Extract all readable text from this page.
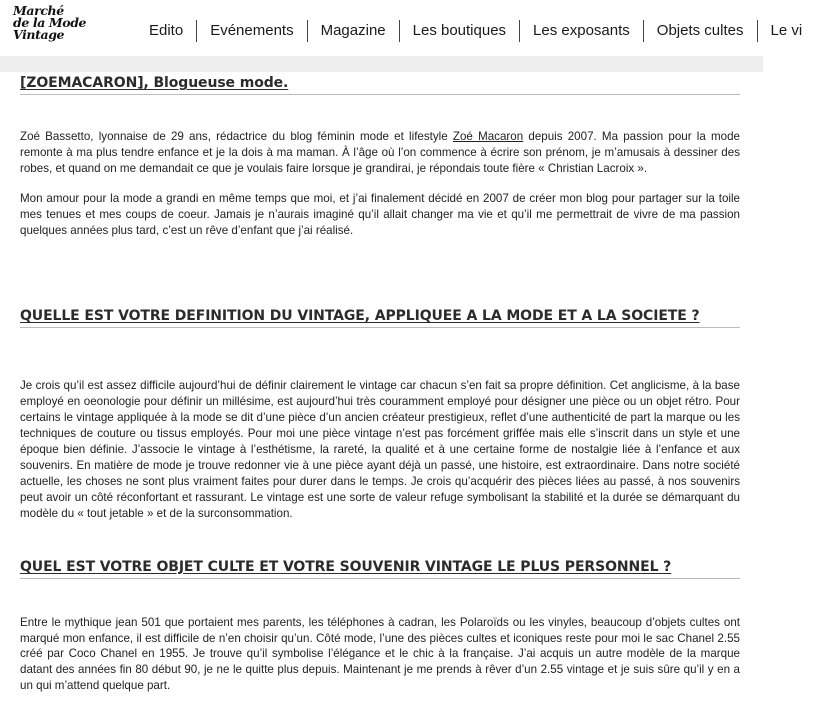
Marché
de la Mode
Vintage	Edito	Evénements	Magazine	Les boutiques	Les exposants	Objets cultes	Le vi
[ZOEMACARON], Blogueuse mode.

Zoé Bassetto, lyonnaise de 29 ans, rédactrice du blog féminin mode et lifestyle Zoé Macaron depuis 2007. Ma passion pour la mode remonte à ma plus tendre enfance et je la dois à ma maman. À l’âge où l’on commence à écrire son prénom, je m’amusais à dessiner des robes, et quand on me demandait ce que je voulais faire lorsque je grandirai, je répondais toute fière « Christian Lacroix ».

Mon amour pour la mode a grandi en même temps que moi, et j’ai finalement décidé en 2007 de créer mon blog pour partager sur la toile mes tenues et mes coups de coeur. Jamais je n’aurais imaginé qu’il allait changer ma vie et qu’il me permettrait de vivre de ma passion quelques années plus tard, c’est un rêve d’enfant que j’ai réalisé.

QUELLE EST VOTRE DEFINITION DU VINTAGE, APPLIQUEE A LA MODE ET A LA SOCIETE ?

Je crois qu’il est assez difficile aujourd’hui de définir clairement le vintage car chacun s’en fait sa propre définition. Cet anglicisme, à la base employé en oeonologie pour définir un millésime, est aujourd’hui très couramment employé pour désigner une pièce ou un objet rétro. Pour certains le vintage appliquée à la mode se dit d’une pièce d’un ancien créateur prestigieux, reflet d’une authenticité de part la marque ou les techniques de couture ou tissus employés. Pour moi une pièce vintage n’est pas forcément griffée mais elle s’inscrit dans un style et une époque bien définie. J’associe le vintage à l’esthétisme, la rareté, la qualité et à une certaine forme de nostalgie liée à l’enfance et aux souvenirs. En matière de mode je trouve redonner vie à une pièce ayant déjà un passé, une histoire, est extraordinaire. Dans notre société actuelle, les choses ne sont plus vraiment faites pour durer dans le temps. Je crois qu’acquérir des pièces liées au passé, à nos souvenirs peut avoir un côté réconfortant et rassurant. Le vintage est une sorte de valeur refuge symbolisant la stabilité et la durée se démarquant du modèle du « tout jetable » et de la surconsommation.

QUEL EST VOTRE OBJET CULTE ET VOTRE SOUVENIR VINTAGE LE PLUS PERSONNEL ?

Entre le mythique jean 501 que portaient mes parents, les téléphones à cadran, les Polaroïds ou les vinyles, beaucoup d’objets cultes ont marqué mon enfance, il est difficile de n’en choisir qu’un. Côté mode, l’une des pièces cultes et iconiques reste pour moi le sac Chanel 2.55 créé par Coco Chanel en 1955. Je trouve qu’il symbolise l’élégance et le chic à la française. J’ai acquis un autre modèle de la marque datant des années fin 80 début 90, je ne le quitte plus depuis. Maintenant je me prends à rêver d’un 2.55 vintage et je suis sûre qu’il y en a un qui m’attend quelque part.
